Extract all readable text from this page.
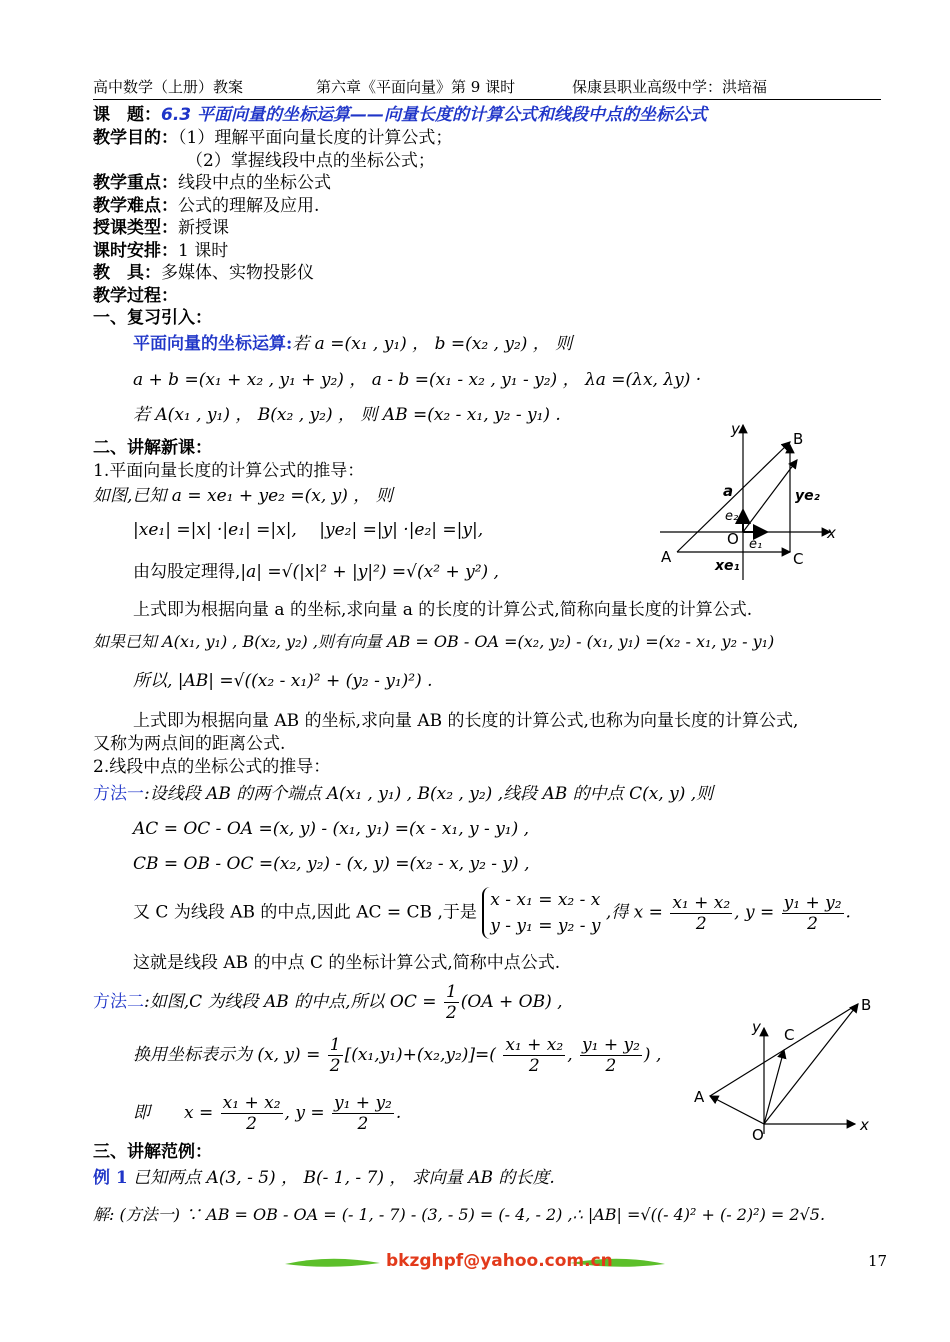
高中数学（上册）教案	第六章《平面向量》第 9 课时	保康县职业高级中学：洪培福
课　题：6.3 平面向量的坐标运算——向量长度的计算公式和线段中点的坐标公式
教学目的：（1）理解平面向量长度的计算公式；
（2）掌握线段中点的坐标公式；
教学重点：线段中点的坐标公式
教学难点：公式的理解及应用.
授课类型：新授课
课时安排：1 课时
教　具：多媒体、实物投影仪
教学过程：
一、复习引入：
平面向量的坐标运算:若 a =(x₁ , y₁) ， b =(x₂ , y₂) ， 则
a + b =(x₁ + x₂ , y₁ + y₂) ， a - b =(x₁ - x₂ , y₁ - y₂) ， λa =(λx, λy) ·
若 A(x₁ , y₁) ， B(x₂ , y₂) ， 则 AB =(x₂ - x₁, y₂ - y₁) .
二、讲解新课：
1.平面向量长度的计算公式的推导：
如图,已知 a = xe₁ + ye₂ =(x, y) ， 则
|xe₁| =|x| ·|e₁| =|x|,　 |ye₂| =|y| ·|e₂| =|y|,
由勾股定理得,|a| =√(|x|² + |y|²) =√(x² + y²) ,
上式即为根据向量 a 的坐标,求向量 a 的长度的计算公式,简称向量长度的计算公式.
如果已知 A(x₁, y₁) , B(x₂, y₂) ,则有向量 AB = OB - OA =(x₂, y₂) - (x₁, y₁) =(x₂ - x₁, y₂ - y₁)
所以, |AB| =√((x₂ - x₁)² + (y₂ - y₁)²) .
上式即为根据向量 AB 的坐标,求向量 AB 的长度的计算公式,也称为向量长度的计算公式,
又称为两点间的距离公式.
2.线段中点的坐标公式的推导：
方法一:设线段 AB 的两个端点 A(x₁ , y₁) , B(x₂ , y₂) ,线段 AB 的中点 C(x, y) ,则
AC = OC - OA =(x, y) - (x₁, y₁) =(x - x₁, y - y₁) ,
CB = OB - OC =(x₂, y₂) - (x, y) =(x₂ - x, y₂ - y) ,
又 C 为线段 AB 的中点,因此 AC = CB ,于是
x - x₁ = x₂ - x
y - y₁ = y₂ - y
,得 $x = \frac{\text{x₁ + x₂}}{2}$ , $y = \frac{\text{y₁ + y₂}}{2}$ .
这就是线段 AB 的中点 C 的坐标计算公式,简称中点公式.
方法二:如图,C 为线段 AB 的中点,所以 OC = $\frac{1}{2} (OA + OB)$ ,
换用坐标表示为 (x, $y) = \frac{1}{2} [(x_1,y_1)+(x_2,y_2)]=( \frac{\text{x₁ + x₂}}{2}$ , $\frac{\text{y₁ + y₂}}{2}$ ) ,
即　　$x = \frac{\text{x₁ + x₂}}{2}$ , $y = \frac{\text{y₁ + y₂}}{2}$ .
三、讲解范例：
例 1 已知两点 A(3, - 5) ， B(- 1, - 7) ， 求向量 AB 的长度.
解: (方法一) ∵ AB = OB - OA = (- 1, - 7) - (3, - 5) = (- 4, - 2) ,∴ |AB| =√((- 4)² + (- 2)²) = 2√5.
y
x
B
A
O
C
a
e₂
e₁
ye₂
xe₁
y
x
B
A
O
C
bkzghpf@yahoo.com.cn	17
